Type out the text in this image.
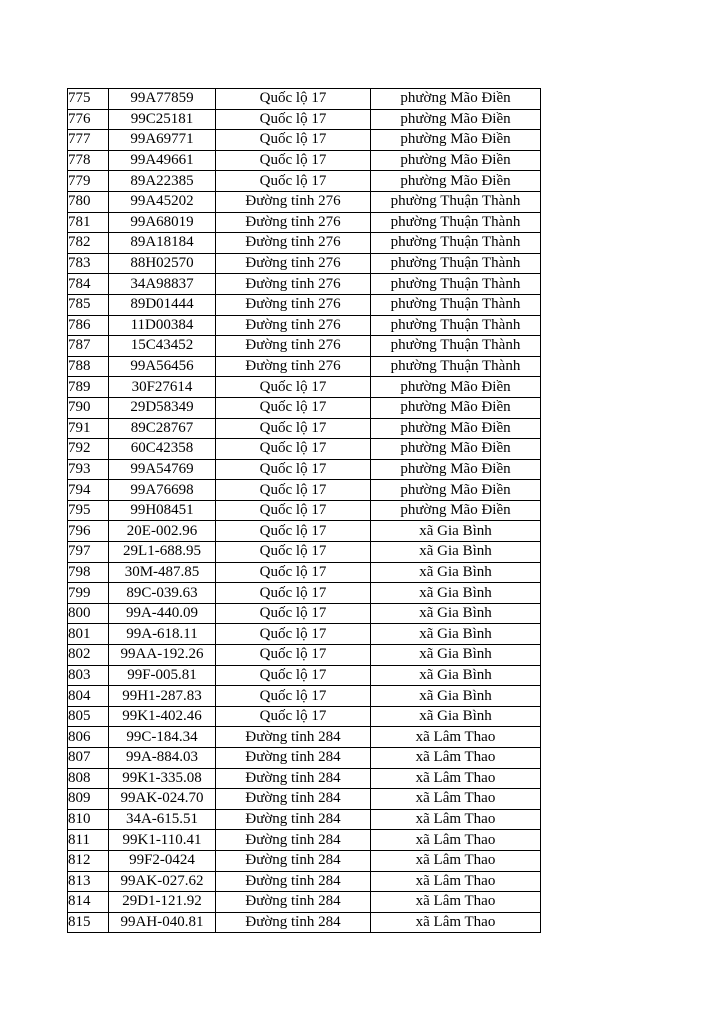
775	99A77859	Quốc lộ 17	phường Mão Điền
776	99C25181	Quốc lộ 17	phường Mão Điền
777	99A69771	Quốc lộ 17	phường Mão Điền
778	99A49661	Quốc lộ 17	phường Mão Điền
779	89A22385	Quốc lộ 17	phường Mão Điền
780	99A45202	Đường tỉnh 276	phường Thuận Thành
781	99A68019	Đường tỉnh 276	phường Thuận Thành
782	89A18184	Đường tỉnh 276	phường Thuận Thành
783	88H02570	Đường tỉnh 276	phường Thuận Thành
784	34A98837	Đường tỉnh 276	phường Thuận Thành
785	89D01444	Đường tỉnh 276	phường Thuận Thành
786	11D00384	Đường tỉnh 276	phường Thuận Thành
787	15C43452	Đường tỉnh 276	phường Thuận Thành
788	99A56456	Đường tỉnh 276	phường Thuận Thành
789	30F27614	Quốc lộ 17	phường Mão Điền
790	29D58349	Quốc lộ 17	phường Mão Điền
791	89C28767	Quốc lộ 17	phường Mão Điền
792	60C42358	Quốc lộ 17	phường Mão Điền
793	99A54769	Quốc lộ 17	phường Mão Điền
794	99A76698	Quốc lộ 17	phường Mão Điền
795	99H08451	Quốc lộ 17	phường Mão Điền
796	20E-002.96	Quốc lộ 17	xã Gia Bình
797	29L1-688.95	Quốc lộ 17	xã Gia Bình
798	30M-487.85	Quốc lộ 17	xã Gia Bình
799	89C-039.63	Quốc lộ 17	xã Gia Bình
800	99A-440.09	Quốc lộ 17	xã Gia Bình
801	99A-618.11	Quốc lộ 17	xã Gia Bình
802	99AA-192.26	Quốc lộ 17	xã Gia Bình
803	99F-005.81	Quốc lộ 17	xã Gia Bình
804	99H1-287.83	Quốc lộ 17	xã Gia Bình
805	99K1-402.46	Quốc lộ 17	xã Gia Bình
806	99C-184.34	Đường tỉnh 284	xã Lâm Thao
807	99A-884.03	Đường tỉnh 284	xã Lâm Thao
808	99K1-335.08	Đường tỉnh 284	xã Lâm Thao
809	99AK-024.70	Đường tỉnh 284	xã Lâm Thao
810	34A-615.51	Đường tỉnh 284	xã Lâm Thao
811	99K1-110.41	Đường tỉnh 284	xã Lâm Thao
812	99F2-0424	Đường tỉnh 284	xã Lâm Thao
813	99AK-027.62	Đường tỉnh 284	xã Lâm Thao
814	29D1-121.92	Đường tỉnh 284	xã Lâm Thao
815	99AH-040.81	Đường tỉnh 284	xã Lâm Thao
